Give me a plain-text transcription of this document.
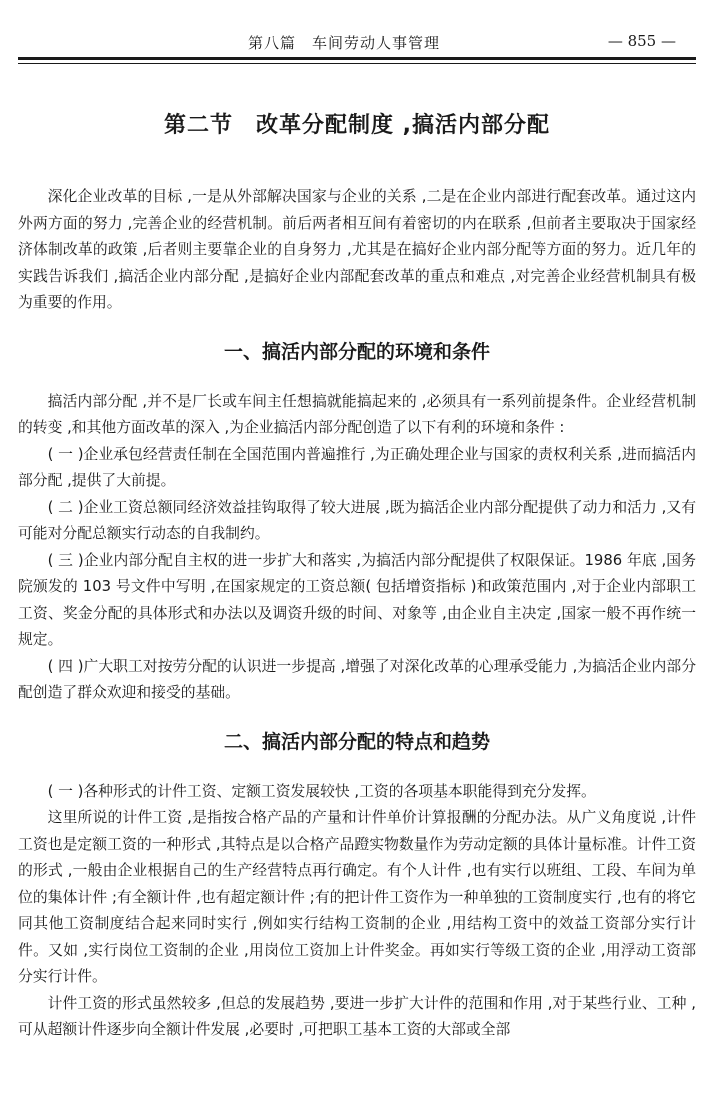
第八篇　车间劳动人事管理	— 855 —
第二节　改革分配制度 ,搞活内部分配

深化企业改革的目标 ,一是从外部解决国家与企业的关系 ,二是在企业内部进行配套改革。通过这内外两方面的努力 ,完善企业的经营机制。前后两者相互间有着密切的内在联系 ,但前者主要取决于国家经济体制改革的政策 ,后者则主要靠企业的自身努力 ,尤其是在搞好企业内部分配等方面的努力。近几年的实践告诉我们 ,搞活企业内部分配 ,是搞好企业内部配套改革的重点和难点 ,对完善企业经营机制具有极为重要的作用。

一、搞活内部分配的环境和条件

搞活内部分配 ,并不是厂长或车间主任想搞就能搞起来的 ,必须具有一系列前提条件。企业经营机制的转变 ,和其他方面改革的深入 ,为企业搞活内部分配创造了以下有利的环境和条件 :

( 一 )企业承包经营责任制在全国范围内普遍推行 ,为正确处理企业与国家的责权利关系 ,进而搞活内部分配 ,提供了大前提。

( 二 )企业工资总额同经济效益挂钩取得了较大进展 ,既为搞活企业内部分配提供了动力和活力 ,又有可能对分配总额实行动态的自我制约。

( 三 )企业内部分配自主权的进一步扩大和落实 ,为搞活内部分配提供了权限保证。1986 年底 ,国务院颁发的 103 号文件中写明 ,在国家规定的工资总额( 包括增资指标 )和政策范围内 ,对于企业内部职工工资、奖金分配的具体形式和办法以及调资升级的时间、对象等 ,由企业自主决定 ,国家一般不再作统一规定。

( 四 )广大职工对按劳分配的认识进一步提高 ,增强了对深化改革的心理承受能力 ,为搞活企业内部分配创造了群众欢迎和接受的基础。

二、搞活内部分配的特点和趋势

( 一 )各种形式的计件工资、定额工资发展较快 ,工资的各项基本职能得到充分发挥。

这里所说的计件工资 ,是指按合格产品的产量和计件单价计算报酬的分配办法。从广义角度说 ,计件工资也是定额工资的一种形式 ,其特点是以合格产品蹬实物数量作为劳动定额的具体计量标准。计件工资的形式 ,一般由企业根据自己的生产经营特点再行确定。有个人计件 ,也有实行以班组、工段、车间为单位的集体计件 ;有全额计件 ,也有超定额计件 ;有的把计件工资作为一种单独的工资制度实行 ,也有的将它同其他工资制度结合起来同时实行 ,例如实行结构工资制的企业 ,用结构工资中的效益工资部分实行计件。又如 ,实行岗位工资制的企业 ,用岗位工资加上计件奖金。再如实行等级工资的企业 ,用浮动工资部分实行计件。

计件工资的形式虽然较多 ,但总的发展趋势 ,要进一步扩大计件的范围和作用 ,对于某些行业、工种 ,可从超额计件逐步向全额计件发展 ,必要时 ,可把职工基本工资的大部或全部
